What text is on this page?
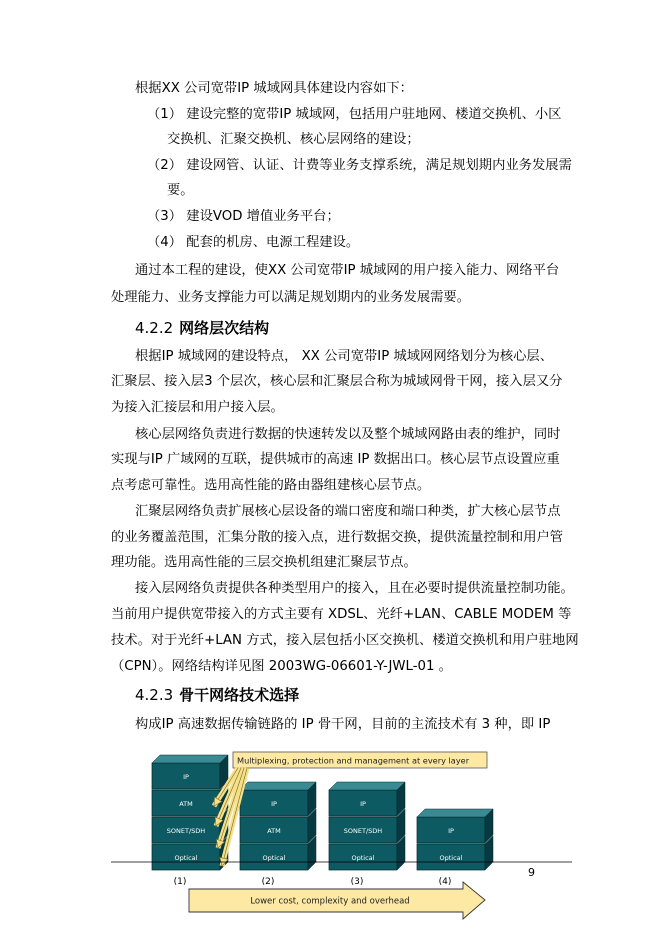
根据XX 公司宽带IP 城域网具体建设内容如下：
（1） 建设完整的宽带IP 城域网，包括用户驻地网、楼道交换机、小区
交换机、汇聚交换机、核心层网络的建设；
（2） 建设网管、认证、计费等业务支撑系统，满足规划期内业务发展需
要。
（3） 建设VOD 增值业务平台；
（4） 配套的机房、电源工程建设。
通过本工程的建设，使XX 公司宽带IP 城域网的用户接入能力、网络平台
处理能力、业务支撑能力可以满足规划期内的业务发展需要。
4.2.2 网络层次结构
根据IP 城域网的建设特点， XX 公司宽带IP 城域网网络划分为核心层、
汇聚层、接入层3 个层次，核心层和汇聚层合称为城域网骨干网，接入层又分
为接入汇接层和用户接入层。
核心层网络负责进行数据的快速转发以及整个城域网路由表的维护，同时
实现与IP 广域网的互联，提供城市的高速 IP 数据出口。核心层节点设置应重
点考虑可靠性。选用高性能的路由器组建核心层节点。
汇聚层网络负责扩展核心层设备的端口密度和端口种类，扩大核心层节点
的业务覆盖范围，汇集分散的接入点，进行数据交换，提供流量控制和用户管
理功能。选用高性能的三层交换机组建汇聚层节点。
接入层网络负责提供各种类型用户的接入，且在必要时提供流量控制功能。
当前用户提供宽带接入的方式主要有 XDSL、光纤+LAN、CABLE MODEM 等
技术。对于光纤+LAN 方式，接入层包括小区交换机、楼道交换机和用户驻地网
（CPN）。网络结构详见图 2003WG-06601-Y-JWL-01 。
4.2.3 骨干网络技术选择
构成IP 高速数据传输链路的 IP 骨干网，目前的主流技术有 3 种，即 IP
IP
ATM
SONET/SDH
Optical
(1)
IP
ATM
Optical
(2)
IP
SONET/SDH
Optical
(3)
IP
Optical
(4)
Multiplexing, protection and management at every layer
Lower cost, complexity and overhead
9
